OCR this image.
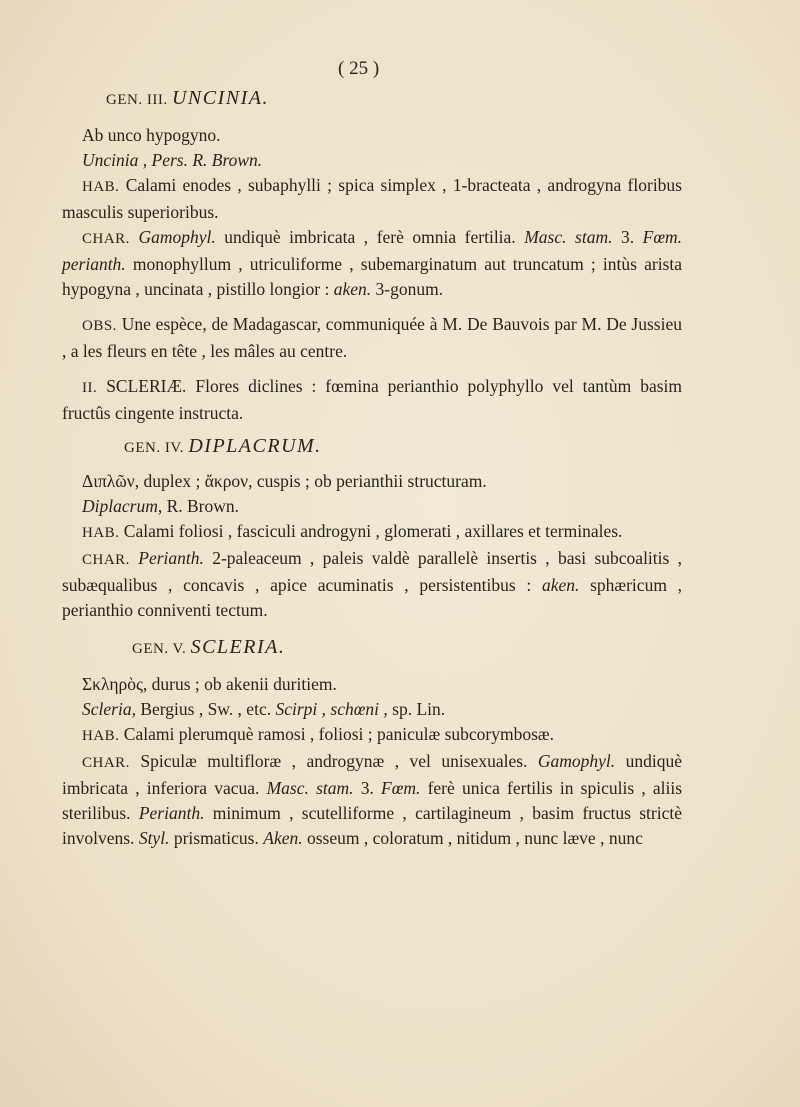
( 25 )

GEN. III. UNCINIA.

Ab unco hypogyno.

Uncinia , Pers. R. Brown.

HAB. Calami enodes , subaphylli ; spica simplex , 1-bracteata , androgyna floribus masculis superioribus.

CHAR. Gamophyl. undiquè imbricata , ferè omnia fertilia. Masc. stam. 3. Fœm. perianth. monophyllum , utriculiforme , subemarginatum aut truncatum ; intùs arista hypogyna , uncinata , pistillo longior : aken. 3-gonum.

OBS. Une espèce, de Madagascar, communiquée à M. De Bauvois par M. De Jussieu , a les fleurs en tête , les mâles au centre.

II. SCLERIÆ. Flores diclines : fœmina perianthio polyphyllo vel tantùm basim fructûs cingente instructa.

GEN. IV. DIPLACRUM.

Διπλῶν, duplex ; ἄκρον, cuspis ; ob perianthii structuram.

Diplacrum, R. Brown.

HAB. Calami foliosi , fasciculi androgyni , glomerati , axillares et terminales.

CHAR. Perianth. 2-paleaceum , paleis valdè parallelè insertis , basi subcoalitis , subæqualibus , concavis , apice acuminatis , persistentibus : aken. sphæricum , perianthio conniventi tectum.

GEN. V. SCLERIA.

Σκληρὸς, durus ; ob akenii duritiem.

Scleria, Bergius , Sw. , etc. Scirpi , schœni , sp. Lin.

HAB. Calami plerumquè ramosi , foliosi ; paniculæ subcorymbosæ.

CHAR. Spiculæ multifloræ , androgynæ , vel unisexuales. Gamophyl. undiquè imbricata , inferiora vacua. Masc. stam. 3. Fœm. ferè unica fertilis in spiculis , aliis sterilibus. Perianth. minimum , scutelliforme , cartilagineum , basim fructus strictè involvens. Styl. prismaticus. Aken. osseum , coloratum , nitidum , nunc læve , nunc
